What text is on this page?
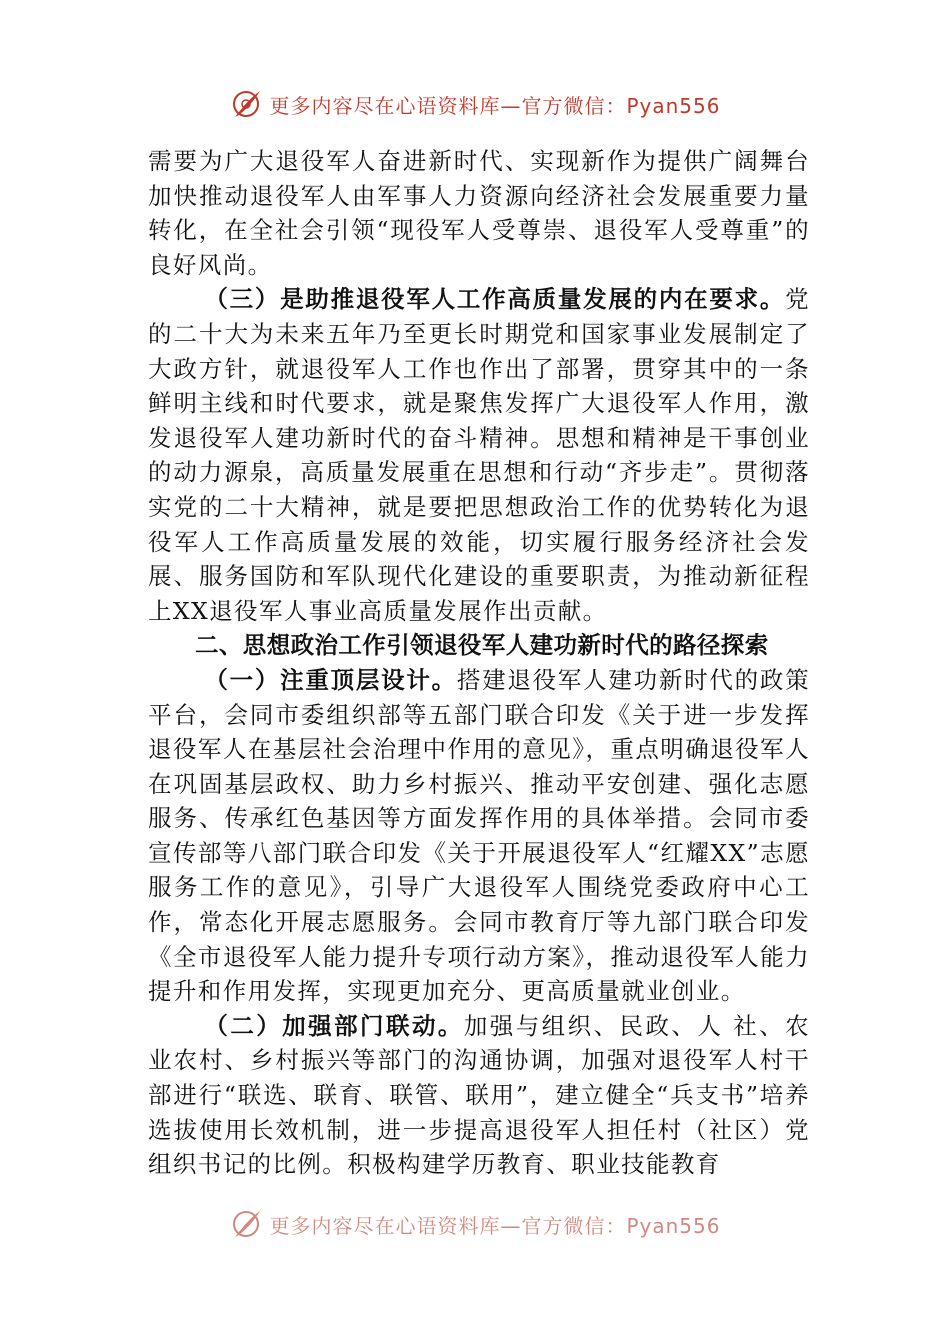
更多内容尽在心语资料库—官方微信：Pyan556

需要为广大退役军人奋进新时代、实现新作为提供广阔舞台加快推动退役军人由军事人力资源向经济社会发展重要力量转化，在全社会引领“现役军人受尊崇、退役军人受尊重”的良好风尚。

（三）是助推退役军人工作高质量发展的内在要求。党的二十大为未来五年乃至更长时期党和国家事业发展制定了大政方针，就退役军人工作也作出了部署，贯穿其中的一条鲜明主线和时代要求，就是聚焦发挥广大退役军人作用，激发退役军人建功新时代的奋斗精神。思想和精神是干事创业的动力源泉，高质量发展重在思想和行动“齐步走”。贯彻落实党的二十大精神，就是要把思想政治工作的优势转化为退役军人工作高质量发展的效能，切实履行服务经济社会发展、服务国防和军队现代化建设的重要职责，为推动新征程上XX退役军人事业高质量发展作出贡献。

二、思想政治工作引领退役军人建功新时代的路径探索

（一）注重顶层设计。搭建退役军人建功新时代的政策平台，会同市委组织部等五部门联合印发《关于进一步发挥退役军人在基层社会治理中作用的意见》，重点明确退役军人在巩固基层政权、助力乡村振兴、推动平安创建、强化志愿服务、传承红色基因等方面发挥作用的具体举措。会同市委宣传部等八部门联合印发《关于开展退役军人“红耀XX”志愿服务工作的意见》，引导广大退役军人围绕党委政府中心工作，常态化开展志愿服务。会同市教育厅等九部门联合印发《全市退役军人能力提升专项行动方案》，推动退役军人能力提升和作用发挥，实现更加充分、更高质量就业创业。

（二）加强部门联动。加强与组织、民政、人 社、农业农村、乡村振兴等部门的沟通协调，加强对退役军人村干部进行“联选、联育、联管、联用”，建立健全“兵支书”培养选拔使用长效机制，进一步提高退役军人担任村（社区）党组织书记的比例。积极构建学历教育、职业技能教育

更多内容尽在心语资料库—官方微信：Pyan556
